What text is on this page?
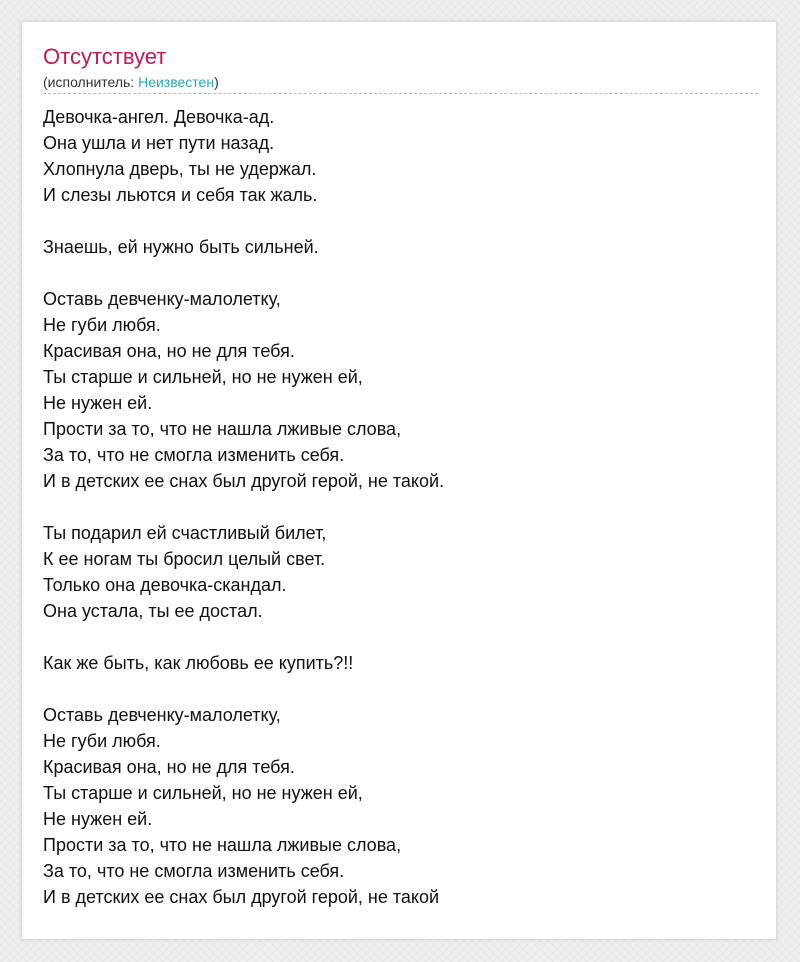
Отсутствует
(исполнитель: Неизвестен)
Девочка-ангел. Девочка-ад.
Она ушла и нет пути назад.
Хлопнула дверь, ты не удержал.
И слезы льются и себя так жаль.
Знаешь, ей нужно быть сильней.
Оставь девченку-малолетку,
Не губи любя.
Красивая она, но не для тебя.
Ты старше и сильней, но не нужен ей,
Не нужен ей.
Прости за то, что не нашла лживые слова,
За то, что не смогла изменить себя.
И в детских ее снах был другой герой, не такой.
Ты подарил ей счастливый билет,
К ее ногам ты бросил целый свет.
Только она девочка-скандал.
Она устала, ты ее достал.
Как же быть, как любовь ее купить?!!
Оставь девченку-малолетку,
Не губи любя.
Красивая она, но не для тебя.
Ты старше и сильней, но не нужен ей,
Не нужен ей.
Прости за то, что не нашла лживые слова,
За то, что не смогла изменить себя.
И в детских ее снах был другой герой, не такой
